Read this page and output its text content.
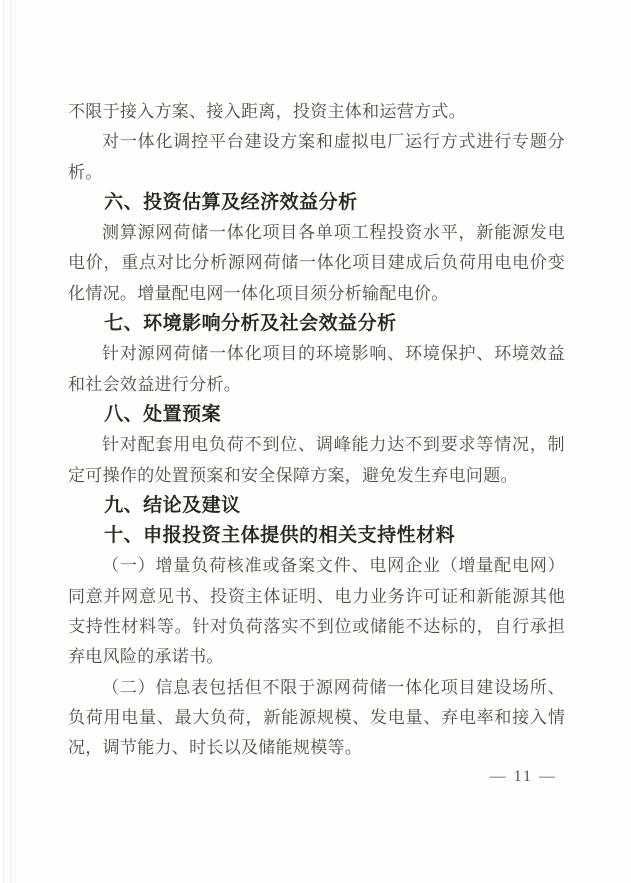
不限于接入方案、接入距离，投资主体和运营方式。

对一体化调控平台建设方案和虚拟电厂运行方式进行专题分析。

六、投资估算及经济效益分析

测算源网荷储一体化项目各单项工程投资水平，新能源发电电价，重点对比分析源网荷储一体化项目建成后负荷用电电价变化情况。增量配电网一体化项目须分析输配电价。

七、环境影响分析及社会效益分析

针对源网荷储一体化项目的环境影响、环境保护、环境效益和社会效益进行分析。

八、处置预案

针对配套用电负荷不到位、调峰能力达不到要求等情况，制定可操作的处置预案和安全保障方案，避免发生弃电问题。

九、结论及建议
十、申报投资主体提供的相关支持性材料

（一）增量负荷核准或备案文件、电网企业（增量配电网）同意并网意见书、投资主体证明、电力业务许可证和新能源其他支持性材料等。针对负荷落实不到位或储能不达标的，自行承担弃电风险的承诺书。

（二）信息表包括但不限于源网荷储一体化项目建设场所、负荷用电量、最大负荷，新能源规模、发电量、弃电率和接入情况，调节能力、时长以及储能规模等。

— 11 —
